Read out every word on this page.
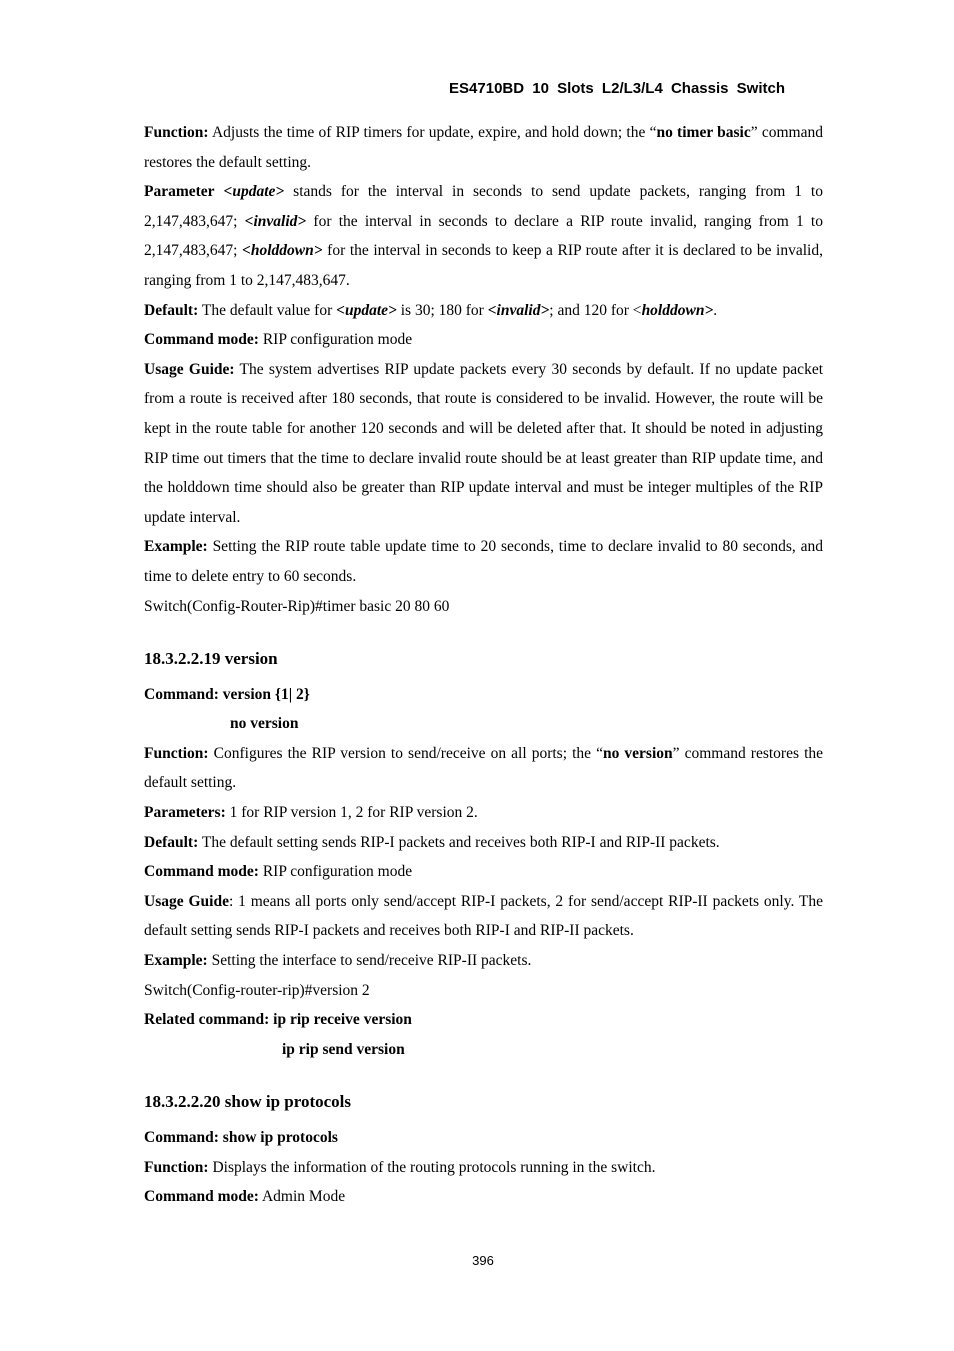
ES4710BD 10 Slots L2/L3/L4 Chassis Switch

Function: Adjusts the time of RIP timers for update, expire, and hold down; the “no timer basic” command restores the default setting.

Parameter <update> stands for the interval in seconds to send update packets, ranging from 1 to 2,147,483,647; <invalid> for the interval in seconds to declare a RIP route invalid, ranging from 1 to 2,147,483,647; <holddown> for the interval in seconds to keep a RIP route after it is declared to be invalid, ranging from 1 to 2,147,483,647.

Default: The default value for <update> is 30; 180 for <invalid>; and 120 for <holddown>.

Command mode: RIP configuration mode

Usage Guide: The system advertises RIP update packets every 30 seconds by default. If no update packet from a route is received after 180 seconds, that route is considered to be invalid. However, the route will be kept in the route table for another 120 seconds and will be deleted after that. It should be noted in adjusting RIP time out timers that the time to declare invalid route should be at least greater than RIP update time, and the holddown time should also be greater than RIP update interval and must be integer multiples of the RIP update interval.

Example: Setting the RIP route table update time to 20 seconds, time to declare invalid to 80 seconds, and time to delete entry to 60 seconds.

Switch(Config-Router-Rip)#timer basic 20 80 60

18.3.2.2.19 version

Command: version {1| 2}

no version

Function: Configures the RIP version to send/receive on all ports; the “no version” command restores the default setting.

Parameters: 1 for RIP version 1, 2 for RIP version 2.

Default: The default setting sends RIP-I packets and receives both RIP-I and RIP-II packets.

Command mode: RIP configuration mode

Usage Guide: 1 means all ports only send/accept RIP-I packets, 2 for send/accept RIP-II packets only. The default setting sends RIP-I packets and receives both RIP-I and RIP-II packets.

Example: Setting the interface to send/receive RIP-II packets.

Switch(Config-router-rip)#version 2

Related command: ip rip receive version

ip rip send version

18.3.2.2.20 show ip protocols

Command: show ip protocols

Function: Displays the information of the routing protocols running in the switch.

Command mode: Admin Mode

396
